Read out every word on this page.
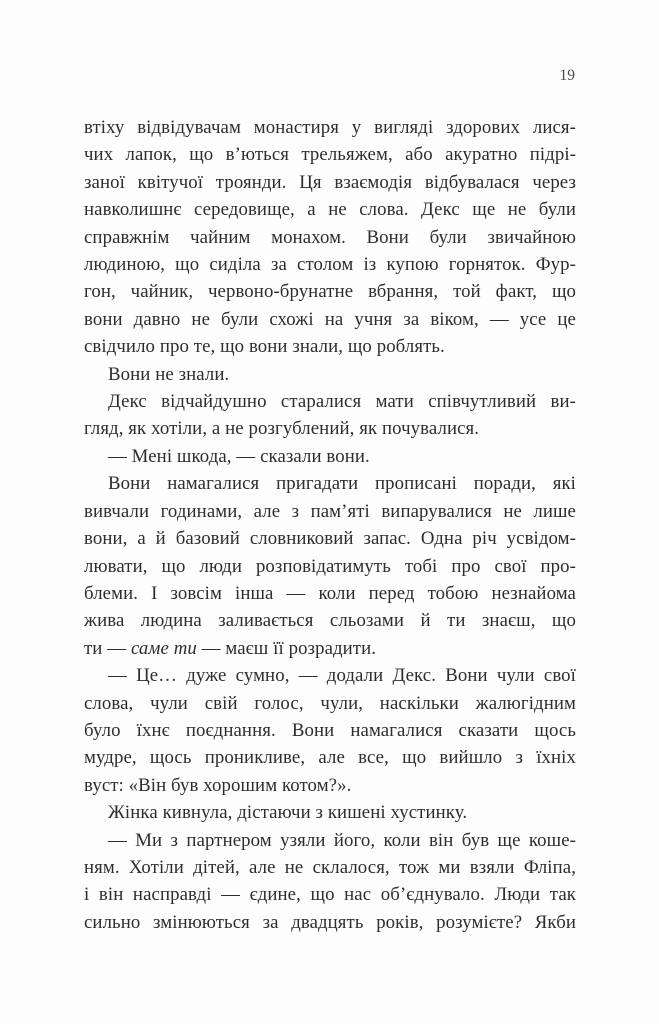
19
втіху відвідувачам монастиря у вигляді здорових лися-
чих лапок, що в’ються трельяжем, або акуратно підрі-
заної квітучої троянди. Ця взаємодія відбувалася через
навколишнє середовище, а не слова. Декс ще не були
справжнім чайним монахом. Вони були звичайною
людиною, що сиділа за столом із купою горняток. Фур-
гон, чайник, червоно-брунатне вбрання, той факт, що
вони давно не були схожі на учня за віком, — усе це
свідчило про те, що вони знали, що роблять.
Вони не знали.
Декс відчайдушно старалися мати співчутливий ви-
гляд, як хотіли, а не розгублений, як почувалися.
— Мені шкода, — сказали вони.
Вони намагалися пригадати прописані поради, які
вивчали годинами, але з пам’яті випарувалися не лише
вони, а й базовий словниковий запас. Одна річ усвідом-
лювати, що люди розповідатимуть тобі про свої про-
блеми. І зовсім інша — коли перед тобою незнайома
жива людина заливається сльозами й ти знаєш, що
ти — саме ти — маєш її розрадити.
— Це… дуже сумно, — додали Декс. Вони чули свої
слова, чули свій голос, чули, наскільки жалюгідним
було їхнє поєднання. Вони намагалися сказати щось
мудре, щось проникливе, але все, що вийшло з їхніх
вуст: «Він був хорошим котом?».
Жінка кивнула, дістаючи з кишені хустинку.
— Ми з партнером узяли його, коли він був ще коше-
ням. Хотіли дітей, але не склалося, тож ми взяли Фліпа,
і він насправді — єдине, що нас об’єднувало. Люди так
сильно змінюються за двадцять років, розумієте? Якби
